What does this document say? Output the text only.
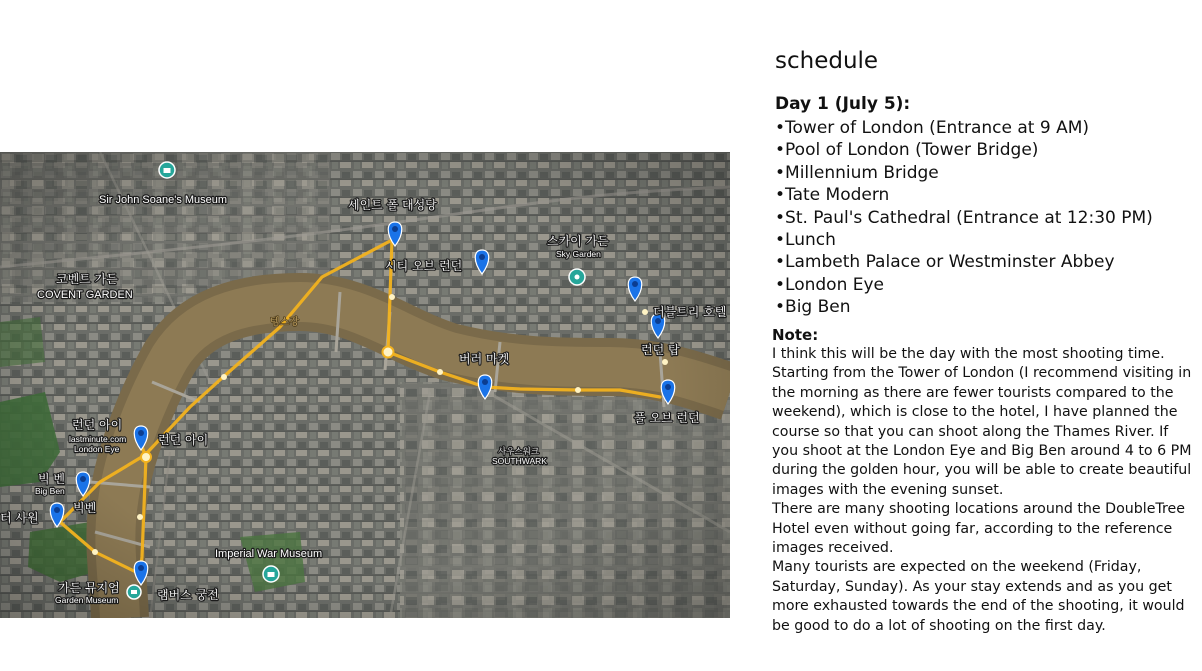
Sir John Soane's Museum
코벤트 가든
COVENT GARDEN
세인트 폴 대성당
시티 오브 런던
스카이 가든
Sky Garden
더블트리 호텔
런던 탑
템스강
버러 마켓
풀 오브 런던
사우스워크
SOUTHWARK
런던 아이
lastminute.com
London Eye
런던 아이
빅 벤
Big Ben
빅벤
터 사원
가든 뮤지엄
Garden Museum	램버스 궁전
Imperial War Museum
schedule
Day 1 (July 5):
•Tower of London (Entrance at 9 AM)
•Pool of London (Tower Bridge)
•Millennium Bridge
•Tate Modern
•St. Paul's Cathedral (Entrance at 12:30 PM)
•Lunch
•Lambeth Palace or Westminster Abbey
•London Eye
•Big Ben
Note:

I think this will be the day with the most shooting time. Starting from the Tower of London (I recommend visiting in the morning as there are fewer tourists compared to the weekend), which is close to the hotel, I have planned the course so that you can shoot along the Thames River. If you shoot at the London Eye and Big Ben around 4 to 6 PM during the golden hour, you will be able to create beautiful images with the evening sunset.

There are many shooting locations around the DoubleTree Hotel even without going far, according to the reference images received.

Many tourists are expected on the weekend (Friday, Saturday, Sunday). As your stay extends and as you get more exhausted towards the end of the shooting, it would be good to do a lot of shooting on the first day.
